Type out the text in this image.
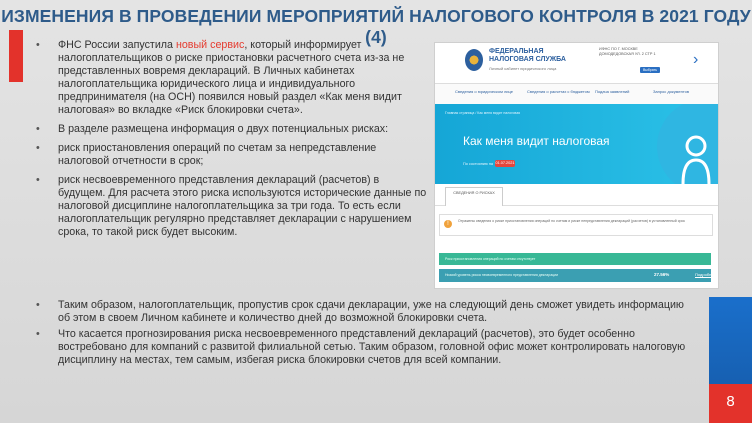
ИЗМЕНЕНИЯ В ПРОВЕДЕНИИ МЕРОПРИЯТИЙ НАЛОГОВОГО КОНТРОЛЯ В 2021 ГОДУ (4)
• ФНС России запустила новый сервис, который информирует налогоплательщиков о риске приостановки расчетного счета из-за не представленных вовремя деклараций. В Личных кабинетах налогоплательщика юридического лица и индивидуального предпринимателя (на ОСН) появился новый раздел «Как меня видит налоговая» во вкладке «Риск блокировки счета».
• В разделе размещена информация о двух потенциальных рисках:
• риск приостановления операций по счетам за непредставление налоговой отчетности в срок;
• риск несвоевременного представления деклараций (расчетов) в будущем. Для расчета этого риска используются исторические данные по налоговой дисциплине налогоплательщика за три года. То есть если налогоплательщик регулярно представляет декларации с нарушением срока, то такой риск будет высоким.
ФЕДЕРАЛЬНАЯ
НАЛОГОВАЯ СЛУЖБА
Личный кабинет юридического лица
ИФНС ПО Г. МОСКВЕ ДОМОДЕДОВСКАЯ УЛ. 2 СТР 1
Выбрать
›
Сведения о юридическом лице	Сведения о расчетах с бюджетом Подача заявлений	Запрос документов
Главная страница / Как меня видит налоговая
Как меня видит налоговая
По состоянию на 01.07.2021
СВЕДЕНИЯ О РИСКАХ
!	Отражены сведения о риске приостановления операций по счетам и риске непредставления деклараций (расчетов) в установленный срок
Риск приостановления операций по счетам отсутствует
Низкий уровень риска несвоевременного представления декларации	27.56%	Подробнее
• Таким образом, налогоплательщик, пропустив срок сдачи декларации, уже на следующий день сможет увидеть информацию об этом в своем Личном кабинете и количество дней до возможной блокировки счета.
• Что касается прогнозирования риска несвоевременного представлений деклараций (расчетов), это будет особенно востребовано для компаний с развитой филиальной сетью. Таким образом, головной офис может контролировать налоговую дисциплину на местах, тем самым, избегая риска блокировки счетов для всей компании.
8
